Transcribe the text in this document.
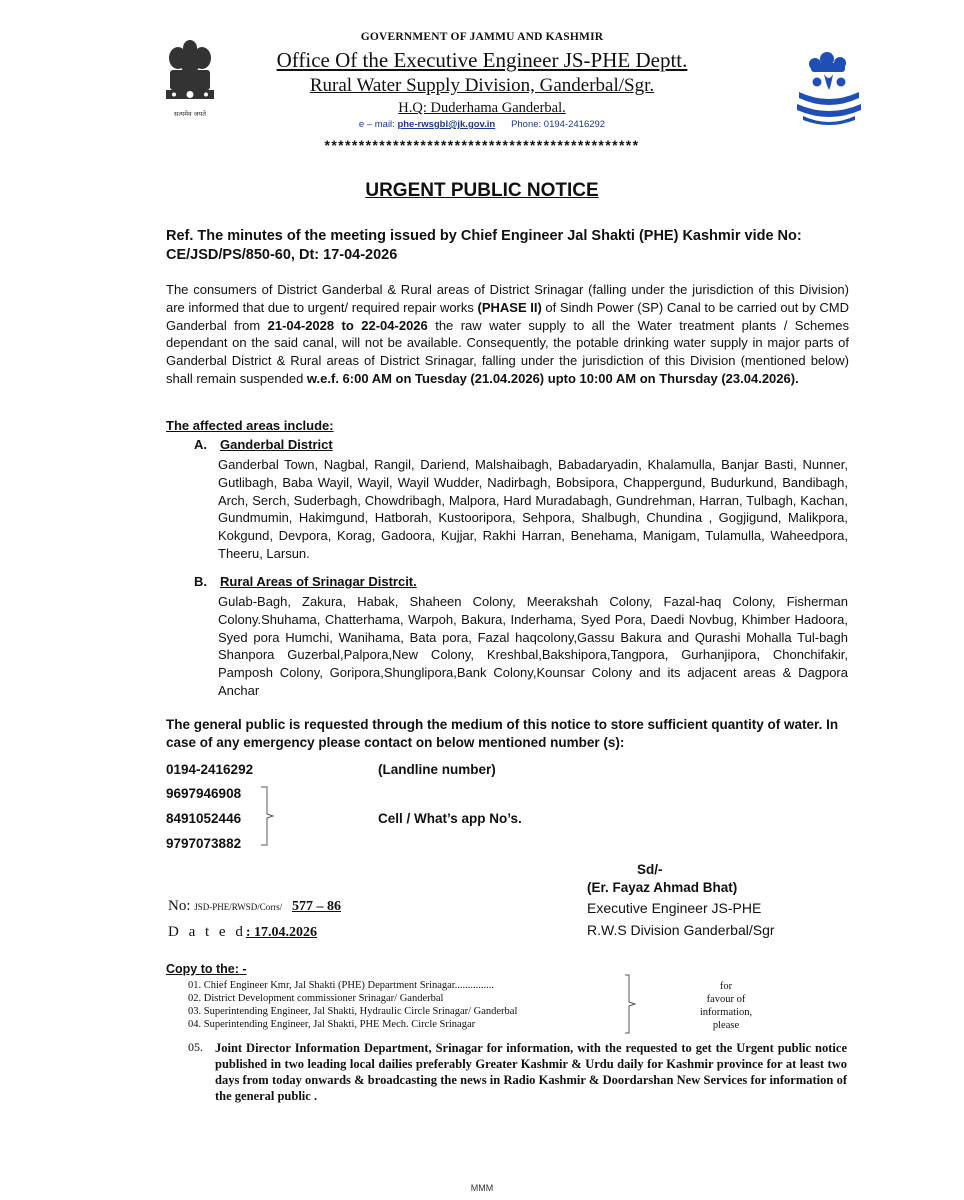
सत्यमेव जयते
GOVERNMENT OF JAMMU AND KASHMIR
Office Of the Executive Engineer JS-PHE Deptt.
Rural Water Supply Division, Ganderbal/Sgr.
H.Q: Duderhama Ganderbal.
e – mail: phe-rwsgbl@jk.gov.in Phone: 0194-2416292
**********************************************
URGENT PUBLIC NOTICE
Ref. The minutes of the meeting issued by Chief Engineer Jal Shakti (PHE) Kashmir vide No: CE/JSD/PS/850-60, Dt: 17-04-2026
The consumers of District Ganderbal & Rural areas of District Srinagar (falling under the jurisdiction of this Division) are informed that due to urgent/ required repair works (PHASE II) of Sindh Power (SP) Canal to be carried out by CMD Ganderbal from 21-04-2028 to 22-04-2026 the raw water supply to all the Water treatment plants / Schemes dependant on the said canal, will not be available. Consequently, the potable drinking water supply in major parts of Ganderbal District & Rural areas of District Srinagar, falling under the jurisdiction of this Division (mentioned below) shall remain suspended w.e.f. 6:00 AM on Tuesday (21.04.2026) upto 10:00 AM on Thursday (23.04.2026).
The affected areas include:
A. Ganderbal District
Ganderbal Town, Nagbal, Rangil, Dariend, Malshaibagh, Babadaryadin, Khalamulla, Banjar Basti, Nunner, Gutlibagh, Baba Wayil, Wayil, Wayil Wudder, Nadirbagh, Bobsipora, Chappergund, Budurkund, Bandibagh, Arch, Serch, Suderbagh, Chowdribagh, Malpora, Hard Muradabagh, Gundrehman, Harran, Tulbagh, Kachan, Gundmumin, Hakimgund, Hatborah, Kustooripora, Sehpora, Shalbugh, Chundina , Gogjigund, Malikpora, Kokgund, Devpora, Korag, Gadoora, Kujjar, Rakhi Harran, Benehama, Manigam, Tulamulla, Waheedpora, Theeru, Larsun.
B. Rural Areas of Srinagar Distrcit.
Gulab-Bagh, Zakura, Habak, Shaheen Colony, Meerakshah Colony, Fazal-haq Colony, Fisherman Colony.Shuhama, Chatterhama, Warpoh, Bakura, Inderhama, Syed Pora, Daedi Novbug, Khimber Hadoora, Syed pora Humchi, Wanihama, Bata pora, Fazal haqcolony,Gassu Bakura and Qurashi Mohalla Tul-bagh Shanpora Guzerbal,Palpora,New Colony, Kreshbal,Bakshipora,Tangpora, Gurhanjipora, Chonchifakir, Pamposh Colony, Goripora,Shunglipora,Bank Colony,Kounsar Colony and its adjacent areas & Dagpora Anchar
The general public is requested through the medium of this notice to store sufficient quantity of water. In case of any emergency please contact on below mentioned number (s):
0194-2416292	(Landline number)
9697946908
8491052446
9797073882
Cell / What’s app No’s.
Sd/-
(Er. Fayaz Ahmad Bhat)
Executive Engineer JS-PHE
R.W.S Division Ganderbal/Sgr
No: JSD-PHE/RWSD/Corrs/ 577 – 86
D a t e d: 17.04.2026
Copy to the: -
01. Chief Engineer Kmr, Jal Shakti (PHE) Department Srinagar...............
02. District Development commissioner Srinagar/ Ganderbal
03. Superintending Engineer, Jal Shakti, Hydraulic Circle Srinagar/ Ganderbal
04. Superintending Engineer, Jal Shakti, PHE Mech. Circle Srinagar
for
favour of
information,
please
05. Joint Director Information Department, Srinagar for information, with the requested to get the Urgent public notice published in two leading local dailies preferably Greater Kashmir & Urdu daily for Kashmir province for at least two days from today onwards & broadcasting the news in Radio Kashmir & Doordarshan New Services for information of the general public .
MMM
